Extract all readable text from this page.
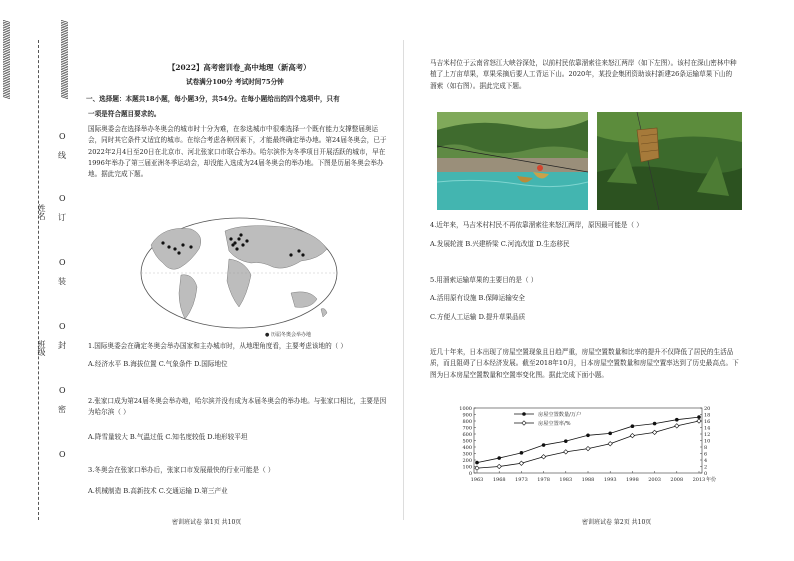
//////////////////////////////////////////////	//////////////////////////////////////////////
姓名
班级
线
订
装
封
密
O
O
O
O
O
O
【2022】高考密训卷_高中地理（新高考）
试卷满分100分 考试时间75分钟
一、选择题：本题共18小题，每小题3分，共54分。在每小题给出的四个选项中，只有
一项是符合题目要求的。
国际奥委会在选择举办冬奥会的城市时十分为难，在参选城市中很难选择一个既有能力支撑整届奥运会，同时其它条件又适宜的城市。在综合考虑各种因素下，才能最终确定举办地。第24届冬奥会，已于2022年2月4日至20日在北京市、河北张家口市联合举办。哈尔滨作为冬季项目开展活跃的城市，早在1996年举办了第三届亚洲冬季运动会，却没能入选成为24届冬奥会的举办地。下图是历届冬奥会举办地。据此完成下题。
● 历届冬奥会举办地
1.国际奥委会在确定冬奥会举办国家和主办城市时，从地理角度看，主要考虑该地的（ ）
A.经济水平 B.海拔位置 C.气象条件 D.国际地位
2.张家口成为第24届冬奥会举办地，哈尔滨并没有成为本届冬奥会的举办地。与张家口相比，主要是因为哈尔滨（ ）
A.降雪量较大 B.气温过低 C.知名度较低 D.地形较平坦
3.冬奥会在张家口举办后，张家口市发展最快的行业可能是（ ）
A.机械制造 B.高新技术 C.交通运输 D.第三产业
密训班试卷 第1页 共10页
马吉米村位于云南省怒江大峡谷深处，以前村民依靠溜索往来怒江两岸（如下左图）。该村在深山密林中种植了上万亩草果，草果采摘后要人工背运下山。2020年，某投企集团资助该村新建26条运输草果下山的溜索（如右图）。据此完成下题。
4.近年来，马吉米村村民不再依靠溜索往来怒江两岸，原因最可能是（ ）
A.发展轮渡 B.兴建桥梁 C.河流改道 D.生态移民
5.用溜索运输草果的主要目的是（ ）
A.活用原有设施 B.保障运输安全
C.方便人工运输 D.提升草果品质
近几十年来，日本出现了房屋空置现象且日趋严重，房屋空置数量和比率的提升不仅降低了居民的生活品质，而且阻碍了日本经济发展。截至2018年10月，日本房屋空置数量和房屋空置率达到了历史最高点。下图为日本房屋空置数量和空置率变化图。据此完成下面小题。
0
100
200
300
400
500
600
700
800
900
1000
0
2
4
6
8
10
12
14
16
18
20
1963 1968 1973 1978 1983 1988 1993 1998 2003 2008 2013 年份
房屋空置数量/万户
房屋空置率/%
密训班试卷 第2页 共10页
